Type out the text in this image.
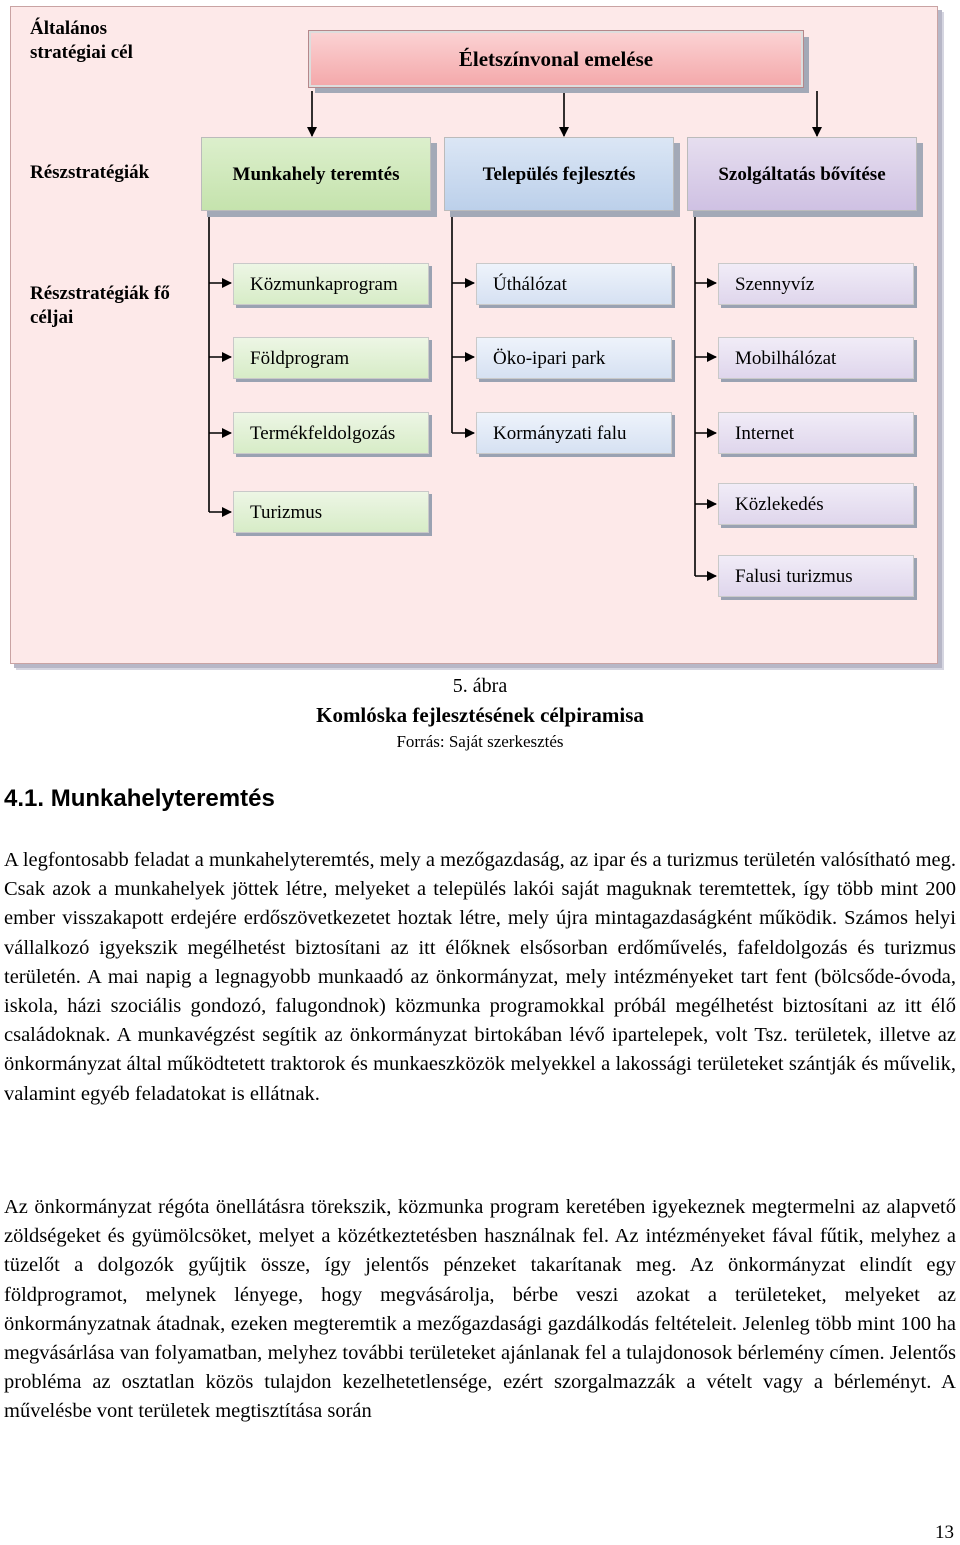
Általános stratégiai cél
Részstratégiák
Részstratégiák fő céljai
Életszínvonal emelése
Munkahely teremtés	Település fejlesztés	Szolgáltatás bővítése
Közmunkaprogram
Földprogram
Termékfeldolgozás
Turizmus
Úthálózat
Öko-ipari park
Kormányzati falu
Szennyvíz
Mobilhálózat
Internet
Közlekedés
Falusi turizmus
5. ábra
Komlóska fejlesztésének célpiramisa
Forrás: Saját szerkesztés
4.1. Munkahelyteremtés

A legfontosabb feladat a munkahelyteremtés, mely a mezőgazdaság, az ipar és a turizmus területén valósítható meg. Csak azok a munkahelyek jöttek létre, melyeket a település lakói saját maguknak teremtettek, így több mint 200 ember visszakapott erdejére erdőszövetkezetet hoztak létre, mely újra mintagazdaságként működik. Számos helyi vállalkozó igyekszik megélhetést biztosítani az itt élőknek elsősorban erdőművelés, fafeldolgozás és turizmus területén. A mai napig a legnagyobb munkaadó az önkormányzat, mely intézményeket tart fent (bölcsőde-óvoda, iskola, házi szociális gondozó, falugondnok) közmunka programokkal próbál megélhetést biztosítani az itt élő családoknak. A munkavégzést segítik az önkormányzat birtokában lévő ipartelepek, volt Tsz. területek, illetve az önkormányzat által működtetett traktorok és munkaeszközök melyekkel a lakossági területeket szántják és művelik, valamint egyéb feladatokat is ellátnak.

Az önkormányzat régóta önellátásra törekszik, közmunka program keretében igyekeznek megtermelni az alapvető zöldségeket és gyümölcsöket, melyet a közétkeztetésben használnak fel. Az intézményeket fával fűtik, melyhez a tüzelőt a dolgozók gyűjtik össze, így jelentős pénzeket takarítanak meg. Az önkormányzat elindít egy földprogramot, melynek lényege, hogy megvásárolja, bérbe veszi azokat a területeket, melyeket az önkormányzatnak átadnak, ezeken megteremtik a mezőgazdasági gazdálkodás feltételeit. Jelenleg több mint 100 ha megvásárlása van folyamatban, melyhez további területeket ajánlanak fel a tulajdonosok bérlemény címen. Jelentős probléma az osztatlan közös tulajdon kezelhetetlensége, ezért szorgalmazzák a vételt vagy a bérleményt. A művelésbe vont területek megtisztítása során

13
